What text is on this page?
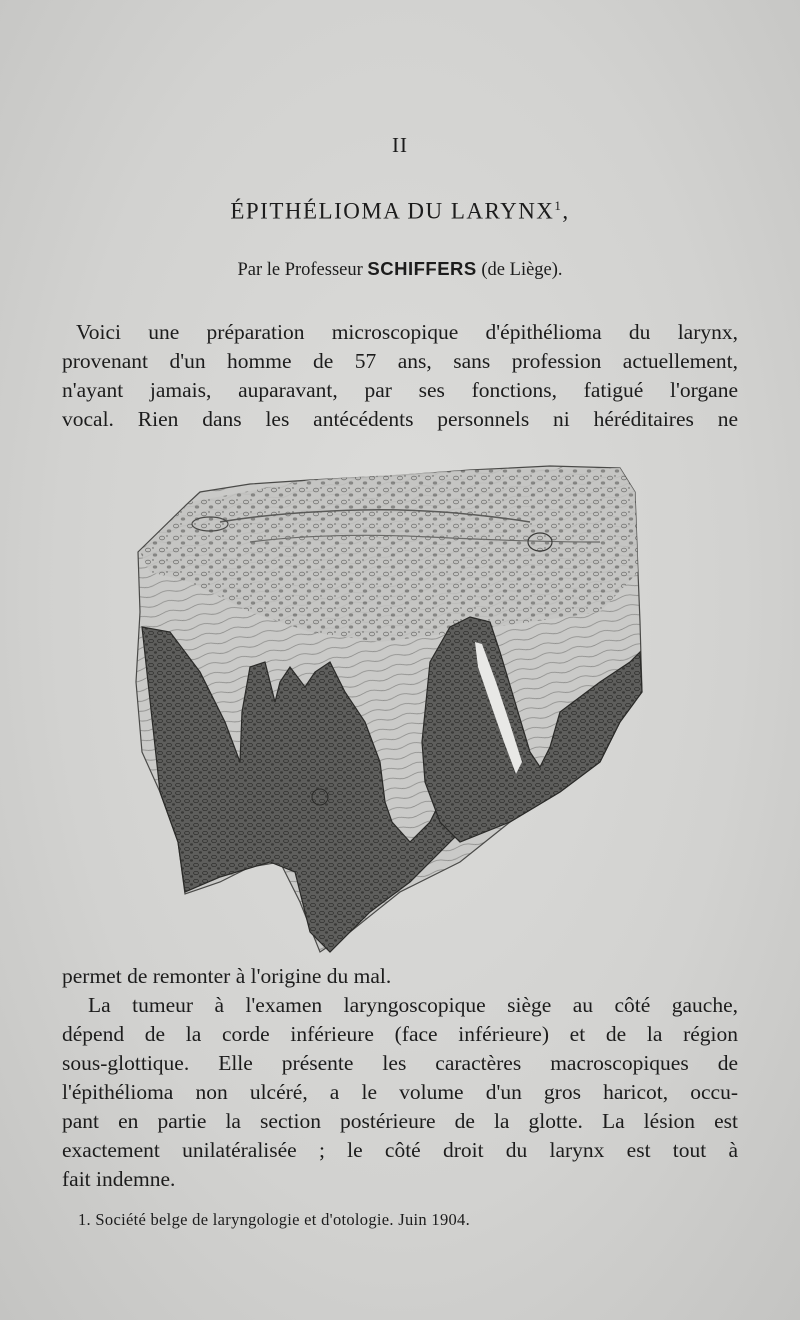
II
ÉPITHÉLIOMA DU LARYNX$^1$,
Par le Professeur SCHIFFERS (de Liège).
Voici une préparation microscopique d'épithélioma du larynx,
provenant d'un homme de 57 ans, sans profession actuellement,
n'ayant jamais, auparavant, par ses fonctions, fatigué l'organe
vocal. Rien dans les antécédents personnels ni héréditaires ne

permet de remonter à l'origine du mal.

La tumeur à l'examen laryngoscopique siège au côté gauche,
dépend de la corde inférieure (face inférieure) et de la région
sous-glottique. Elle présente les caractères macroscopiques de
l'épithélioma non ulcéré, a le volume d'un gros haricot, occu-
pant en partie la section postérieure de la glotte. La lésion est
exactement unilatéralisée ; le côté droit du larynx est tout à
fait indemne.

1. Société belge de laryngologie et d'otologie. Juin 1904.
